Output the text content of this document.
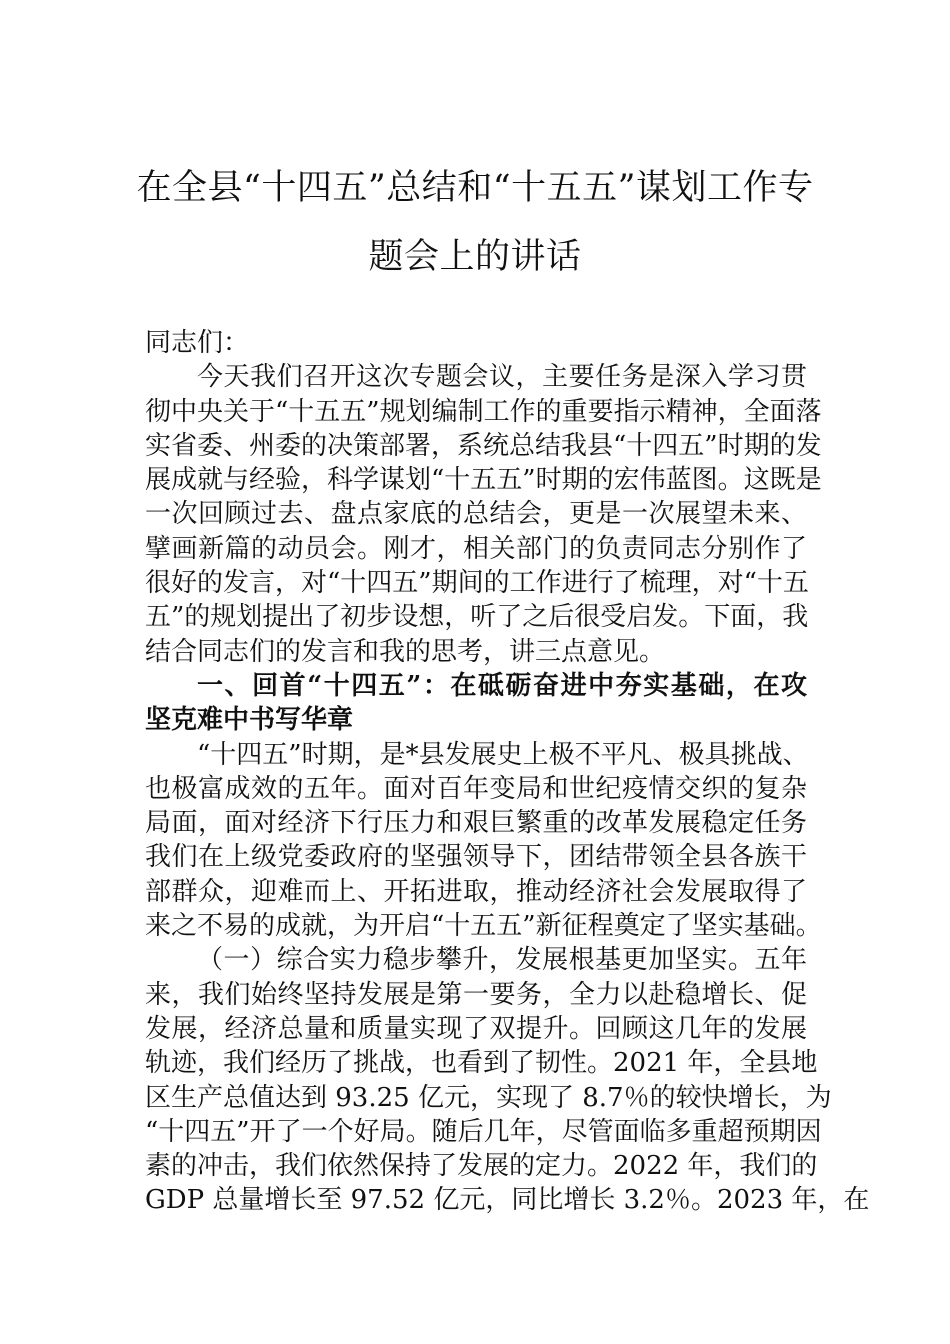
在全县“十四五”总结和“十五五”谋划工作专
题会上的讲话
同志们：
今天我们召开这次专题会议，主要任务是深入学习贯
彻中央关于“十五五”规划编制工作的重要指示精神，全面落
实省委、州委的决策部署，系统总结我县“十四五”时期的发
展成就与经验，科学谋划“十五五”时期的宏伟蓝图。这既是
一次回顾过去、盘点家底的总结会，更是一次展望未来、
擘画新篇的动员会。刚才，相关部门的负责同志分别作了
很好的发言，对“十四五”期间的工作进行了梳理，对“十五
五”的规划提出了初步设想，听了之后很受启发。下面，我
结合同志们的发言和我的思考，讲三点意见。
一、回首“十四五”：在砥砺奋进中夯实基础，在攻
坚克难中书写华章
“十四五”时期，是*县发展史上极不平凡、极具挑战、
也极富成效的五年。面对百年变局和世纪疫情交织的复杂
局面，面对经济下行压力和艰巨繁重的改革发展稳定任务
我们在上级党委政府的坚强领导下，团结带领全县各族干
部群众，迎难而上、开拓进取，推动经济社会发展取得了
来之不易的成就，为开启“十五五”新征程奠定了坚实基础。
（一）综合实力稳步攀升，发展根基更加坚实。五年
来，我们始终坚持发展是第一要务，全力以赴稳增长、促
发展，经济总量和质量实现了双提升。回顾这几年的发展
轨迹，我们经历了挑战，也看到了韧性。2021 年，全县地
区生产总值达到 93.25 亿元，实现了 8.7％的较快增长，为
“十四五”开了一个好局。随后几年，尽管面临多重超预期因
素的冲击，我们依然保持了发展的定力。2022 年，我们的
GDP 总量增长至 97.52 亿元，同比增长 3.2％。2023 年，在
